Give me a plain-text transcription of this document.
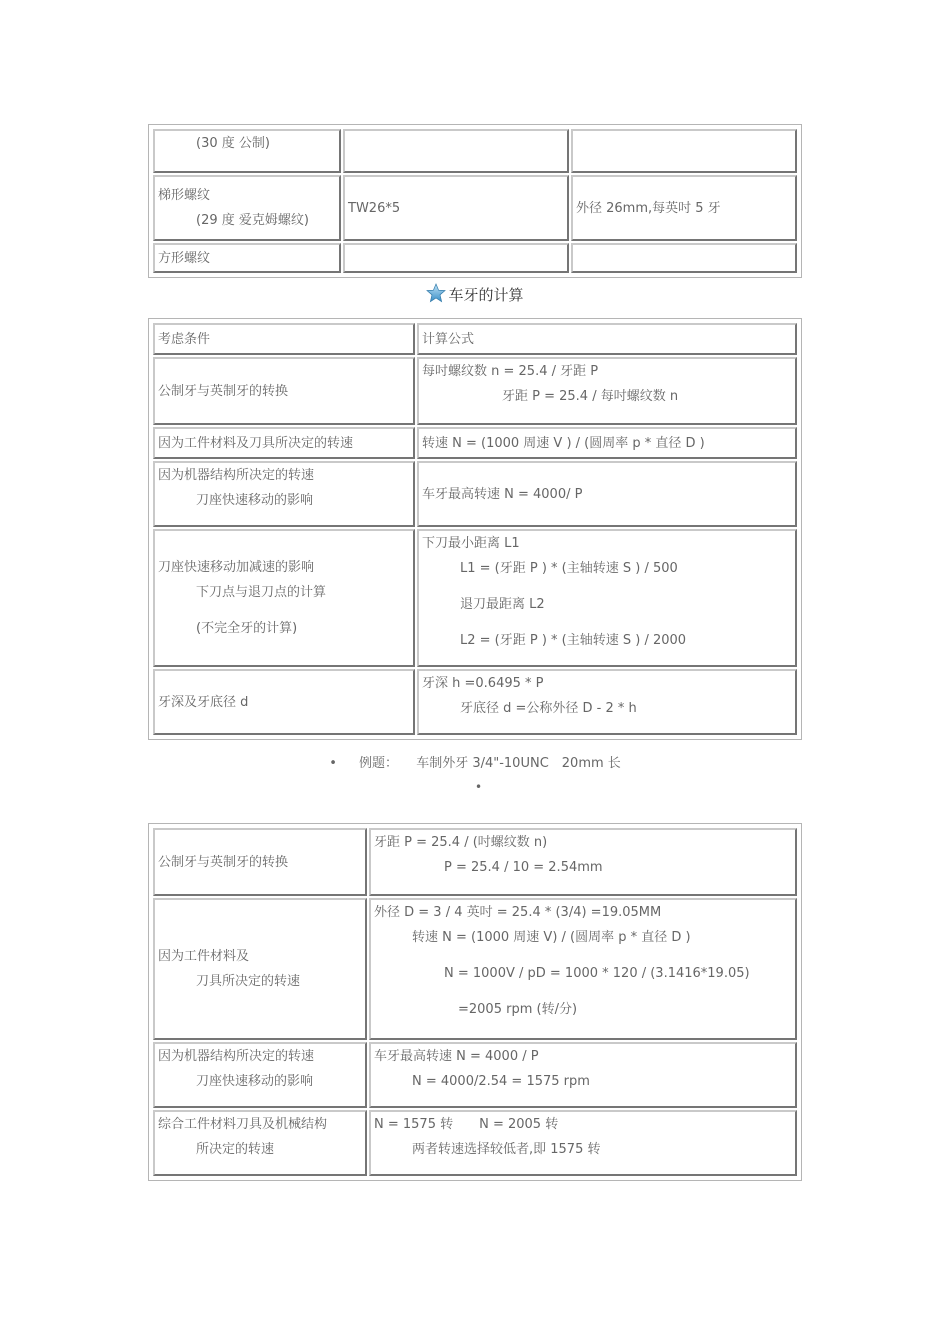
(30 度 公制)		

梯形螺纹
(29 度 爱克姆螺纹)	TW26*5	外径 26mm,每英吋 5 牙
方形螺纹		
车牙的计算
考虑条件	计算公式
公制牙与英制牙的转换	每吋螺纹数 n = 25.4 / 牙距 P
牙距 P = 25.4 / 每吋螺纹数 n

因为工件材料及刀具所决定的转速	转速 N = (1000 周速 V ) / (圆周率 p * 直径 D )

因为机器结构所决定的转速
刀座快速移动的影响	车牙最高转速 N = 4000/ P

刀座快速移动加减速的影响
下刀点与退刀点的计算
(不完全牙的计算)	下刀最小距离 L1
L1 = (牙距 P ) * (主轴转速 S ) / 500
退刀最距离 L2
L2 = (牙距 P ) * (主轴转速 S ) / 2000

牙深及牙底径 d	牙深 h =0.6495 * P
牙底径 d =公称外径 D - 2 * h
• 例题： 车制外牙 3/4"-10UNC　20mm 长
•
公制牙与英制牙的转换	牙距 P = 25.4 / (吋螺纹数 n)
P = 25.4 / 10 = 2.54mm

因为工件材料及
刀具所决定的转速	外径 D = 3 / 4 英吋 = 25.4 * (3/4) =19.05MM
转速 N = (1000 周速 V) / (圆周率 p * 直径 D )
N = 1000V / pD = 1000 * 120 / (3.1416*19.05)
=2005 rpm (转/分)

因为机器结构所决定的转速
刀座快速移动的影响	车牙最高转速 N = 4000 / P
N = 4000/2.54 = 1575 rpm

综合工件材料刀具及机械结构
所决定的转速	N = 1575 转　　N = 2005 转
两者转速选择较低者,即 1575 转
